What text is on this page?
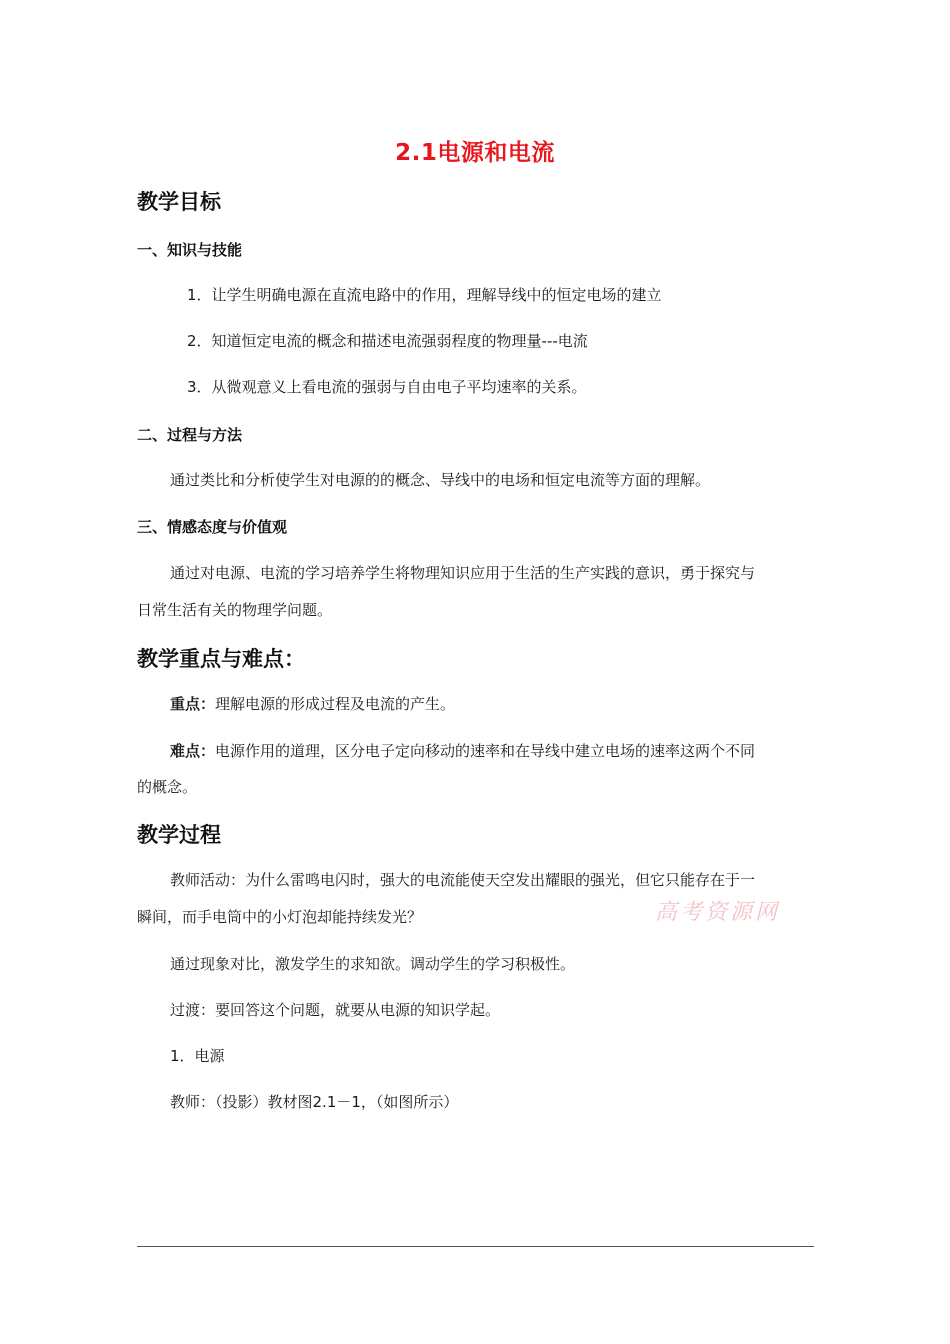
2.1电源和电流
教学目标
一、知识与技能
1．让学生明确电源在直流电路中的作用，理解导线中的恒定电场的建立
2．知道恒定电流的概念和描述电流强弱程度的物理量---电流
3．从微观意义上看电流的强弱与自由电子平均速率的关系。
二、过程与方法
通过类比和分析使学生对电源的的概念、导线中的电场和恒定电流等方面的理解。
三、情感态度与价值观
通过对电源、电流的学习培养学生将物理知识应用于生活的生产实践的意识，勇于探究与
日常生活有关的物理学问题。
教学重点与难点：
重点：理解电源的形成过程及电流的产生。
难点：电源作用的道理，区分电子定向移动的速率和在导线中建立电场的速率这两个不同
的概念。
教学过程
教师活动：为什么雷鸣电闪时，强大的电流能使天空发出耀眼的强光，但它只能存在于一
瞬间，而手电筒中的小灯泡却能持续发光？	高考资源网
通过现象对比，激发学生的求知欲。调动学生的学习积极性。
过渡：要回答这个问题，就要从电源的知识学起。
1．电源
教师：（投影）教材图2.1－1，（如图所示）
